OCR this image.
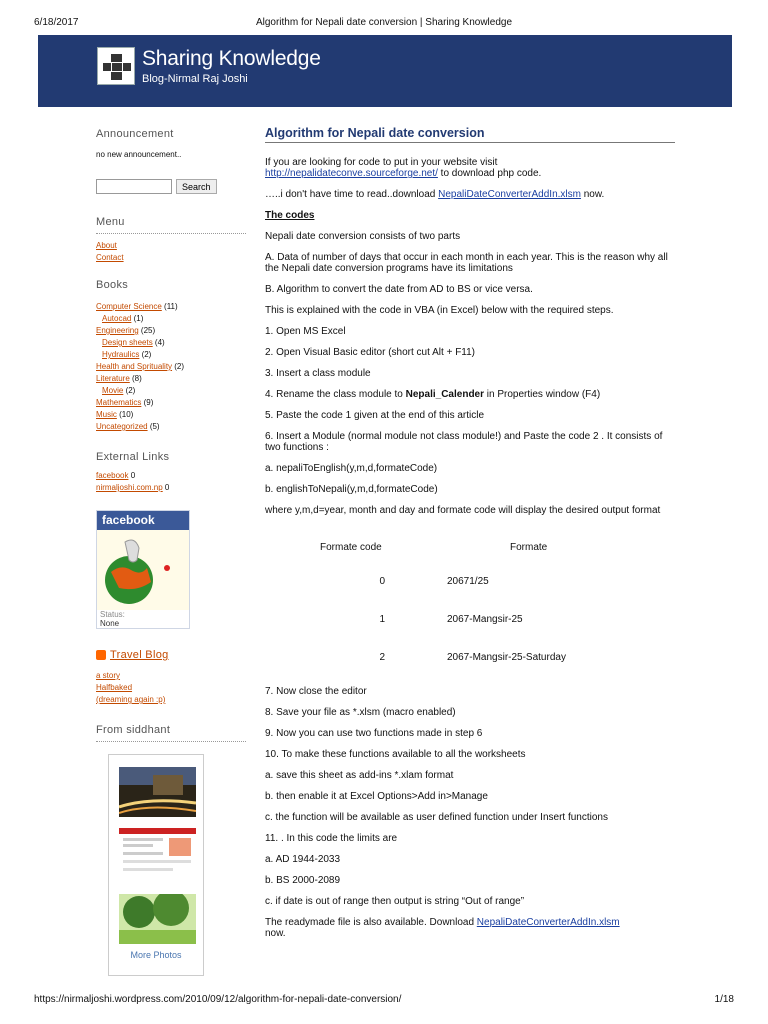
6/18/2017	Algorithm for Nepali date conversion | Sharing Knowledge
Sharing Knowledge
Blog-Nirmal Raj Joshi
Announcement

no new announcement..

Search
Menu

About

Contact

Books

Computer Science (11)

Autocad (1)

Engineering (25)

Design sheets (4)

Hydraulics (2)

Health and Sprituality (2)

Literature (8)

Movie (2)

Mathematics (9)

Music (10)

Uncategorized (5)

External Links

facebook 0

nirmaljoshi.com.np 0

facebook
Status:
None
Travel Blog

a story

Halfbaked

(dreaming again :p)

From siddhant
More Photos
Algorithm for Nepali date conversion

If you are looking for code to put in your website visit
http://nepalidateconve.sourceforge.net/ to download php code.

…..i don't have time to read..download NepaliDateConverterAddIn.xlsm now.

The codes

Nepali date conversion consists of two parts

A. Data of number of days that occur in each month in each year. This is the reason why all the Nepali date conversion programs have its limitations

B. Algorithm to convert the date from AD to BS or vice versa.

This is explained with the code in VBA (in Excel) below with the required steps.

1. Open MS Excel

2. Open Visual Basic editor (short cut Alt + F11)

3. Insert a class module

4. Rename the class module to Nepali_Calender in Properties window (F4)

5. Paste the code 1 given at the end of this article

6. Insert a Module (normal module not class module!) and Paste the code 2 . It consists of two functions :

a. nepaliToEnglish(y,m,d,formateCode)

b. englishToNepali(y,m,d,formateCode)

where y,m,d=year, month and day and formate code will display the desired output format

Formate code	Formate
0	20671/25
1	2067-Mangsir-25
2	2067-Mangsir-25-Saturday

7. Now close the editor

8. Save your file as *.xlsm (macro enabled)

9. Now you can use two functions made in step 6

10. To make these functions available to all the worksheets

a. save this sheet as add-ins *.xlam format

b. then enable it at Excel Options>Add in>Manage

c. the function will be available as user defined function under Insert functions

11. . In this code the limits are

a. AD 1944-2033

b. BS 2000-2089

c. if date is out of range then output is string “Out of range”

The readymade file is also available. Download NepaliDateConverterAddIn.xlsm
now.

https://nirmaljoshi.wordpress.com/2010/09/12/algorithm-for-nepali-date-conversion/	1/18
